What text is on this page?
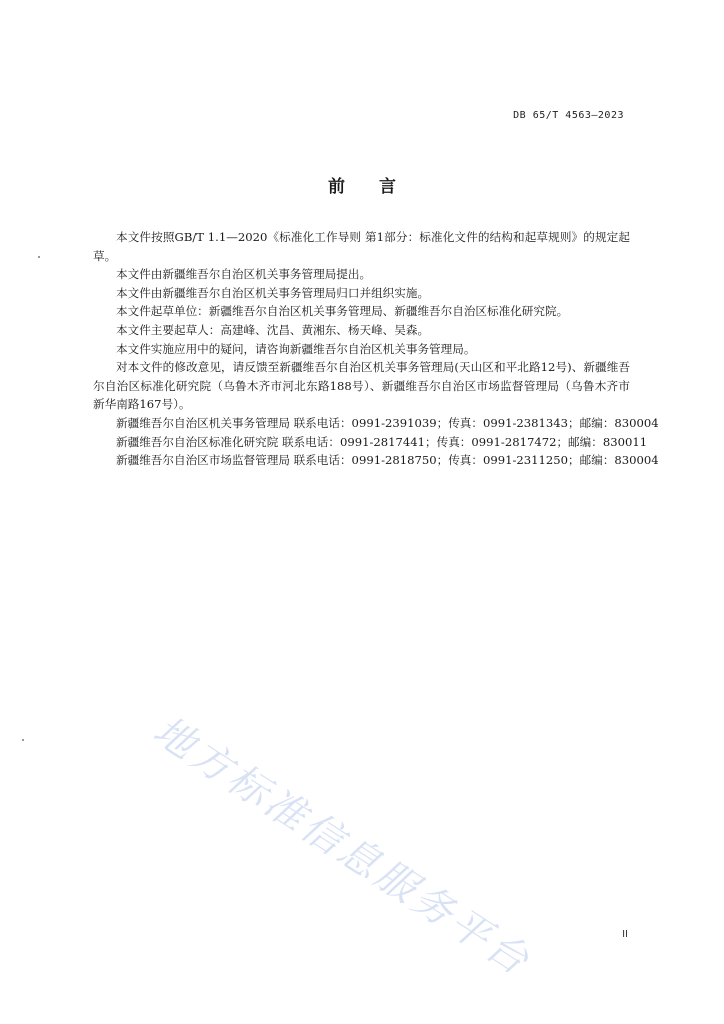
DB 65/T 4563—2023
前言

本文件按照GB/T 1.1—2020《标准化工作导则 第1部分：标准化文件的结构和起草规则》的规定起草。

本文件由新疆维吾尔自治区机关事务管理局提出。

本文件由新疆维吾尔自治区机关事务管理局归口并组织实施。

本文件起草单位：新疆维吾尔自治区机关事务管理局、新疆维吾尔自治区标准化研究院。

本文件主要起草人：高建峰、沈昌、黄湘东、杨天峰、吴森。

本文件实施应用中的疑问，请咨询新疆维吾尔自治区机关事务管理局。

对本文件的修改意见，请反馈至新疆维吾尔自治区机关事务管理局(天山区和平北路12号)、新疆维吾尔自治区标准化研究院（乌鲁木齐市河北东路188号）、新疆维吾尔自治区市场监督管理局（乌鲁木齐市新华南路167号）。

新疆维吾尔自治区机关事务管理局 联系电话：0991-2391039；传真：0991-2381343；邮编：830004
新疆维吾尔自治区标准化研究院 联系电话：0991-2817441；传真：0991-2817472；邮编：830011
新疆维吾尔自治区市场监督管理局 联系电话：0991-2818750；传真：0991-2311250；邮编：830004
地方标准信息服务平台	II
